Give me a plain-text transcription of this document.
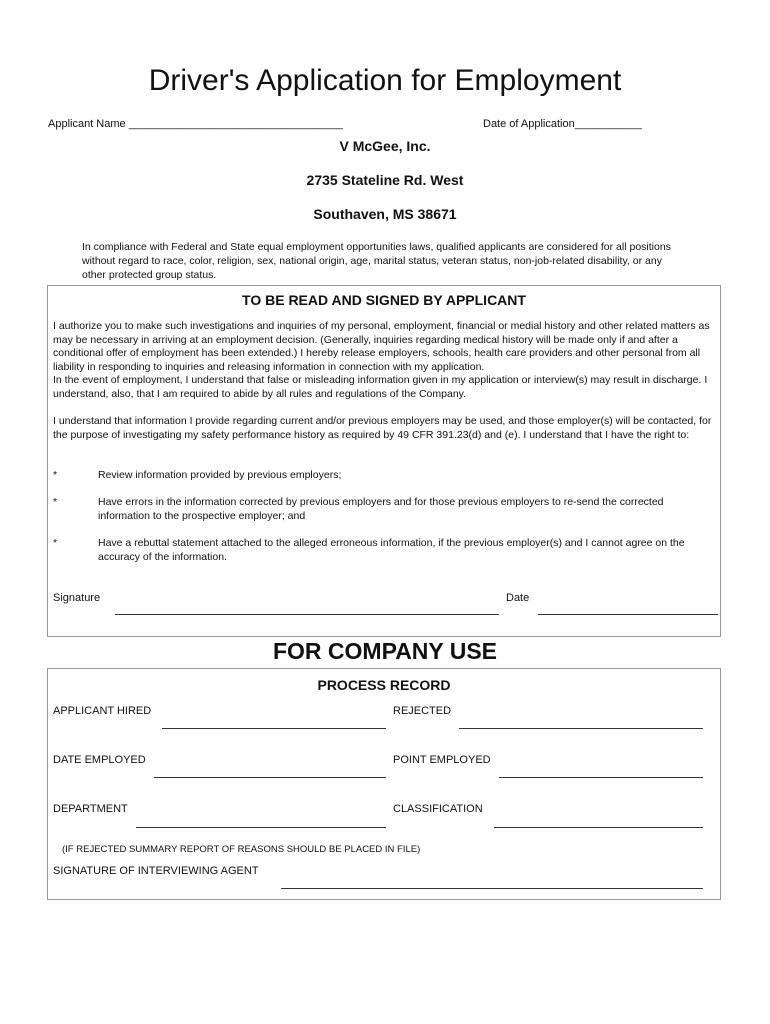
Driver's Application for Employment
Applicant Name ___________________________________	Date of Application___________
V McGee, Inc.
2735 Stateline Rd. West
Southaven, MS 38671
In compliance with Federal and State equal employment opportunities laws, qualified applicants are considered for all positions without regard to race, color, religion, sex, national origin, age, marital status, veteran status, non-job-related disability, or any other protected group status.
TO BE READ AND SIGNED BY APPLICANT
I authorize you to make such investigations and inquiries of my personal, employment, financial or medial history and other related matters as may be necessary in arriving at an employment decision. (Generally, inquiries regarding medical history will be made only if and after a conditional offer of employment has been extended.) I hereby release employers, schools, health care providers and other personal from all liability in responding to inquiries and releasing information in connection with my application.
In the event of employment, I understand that false or misleading information given in my application or interview(s) may result in discharge. I understand, also, that I am required to abide by all rules and regulations of the Company.
I understand that information I provide regarding current and/or previous employers may be used, and those employer(s) will be contacted, for the purpose of investigating my safety performance history as required by 49 CFR 391.23(d) and (e). I understand that I have the right to:
*	Review information provided by previous employers;
*	Have errors in the information corrected by previous employers and for those previous employers to re-send the corrected information to the prospective employer; and
*	Have a rebuttal statement attached to the alleged erroneous information, if the previous employer(s) and I cannot agree on the accuracy of the information.
Signature	Date
FOR COMPANY USE
PROCESS RECORD
APPLICANT HIRED	REJECTED
DATE EMPLOYED	POINT EMPLOYED
DEPARTMENT	CLASSIFICATION
(IF REJECTED SUMMARY REPORT OF REASONS SHOULD BE PLACED IN FILE)
SIGNATURE OF INTERVIEWING AGENT
